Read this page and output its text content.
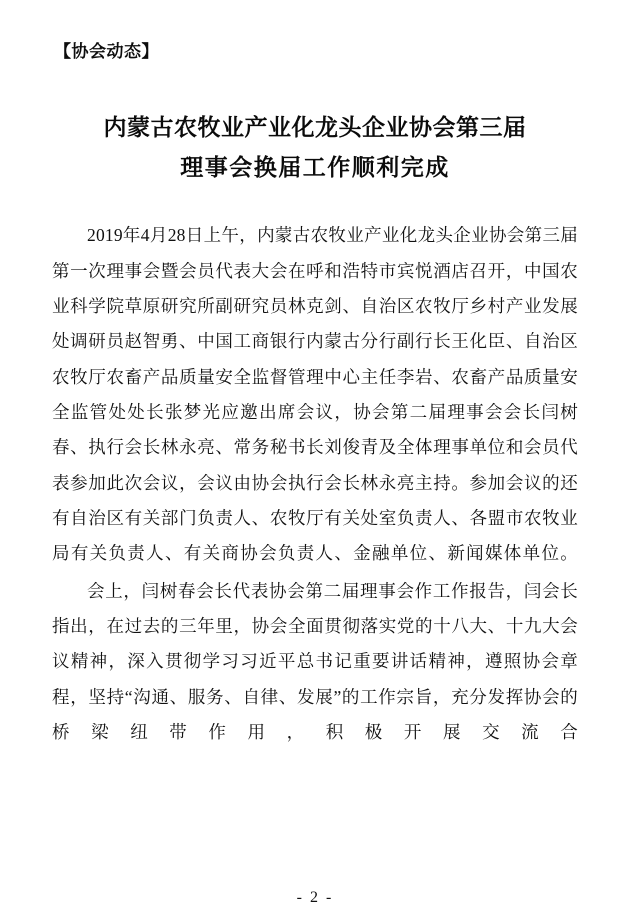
【协会动态】
内蒙古农牧业产业化龙头企业协会第三届
理事会换届工作顺利完成

2019年4月28日上午，内蒙古农牧业产业化龙头企业协会第三届第一次理事会暨会员代表大会在呼和浩特市宾悦酒店召开，中国农业科学院草原研究所副研究员林克剑、自治区农牧厅乡村产业发展处调研员赵智勇、中国工商银行内蒙古分行副行长王化臣、自治区农牧厅农畜产品质量安全监督管理中心主任李岩、农畜产品质量安全监管处处长张梦光应邀出席会议，协会第二届理事会会长闫树春、执行会长林永亮、常务秘书长刘俊青及全体理事单位和会员代表参加此次会议，会议由协会执行会长林永亮主持。参加会议的还有自治区有关部门负责人、农牧厅有关处室负责人、各盟市农牧业局有关负责人、有关商协会负责人、金融单位、新闻媒体单位。

会上，闫树春会长代表协会第二届理事会作工作报告，闫会长指出，在过去的三年里，协会全面贯彻落实党的十八大、十九大会议精神，深入贯彻学习习近平总书记重要讲话精神，遵照协会章程，坚持“沟通、服务、自律、发展”的工作宗旨，充分发挥协会的桥梁纽带作用，积极开展交流合

- 2 -
